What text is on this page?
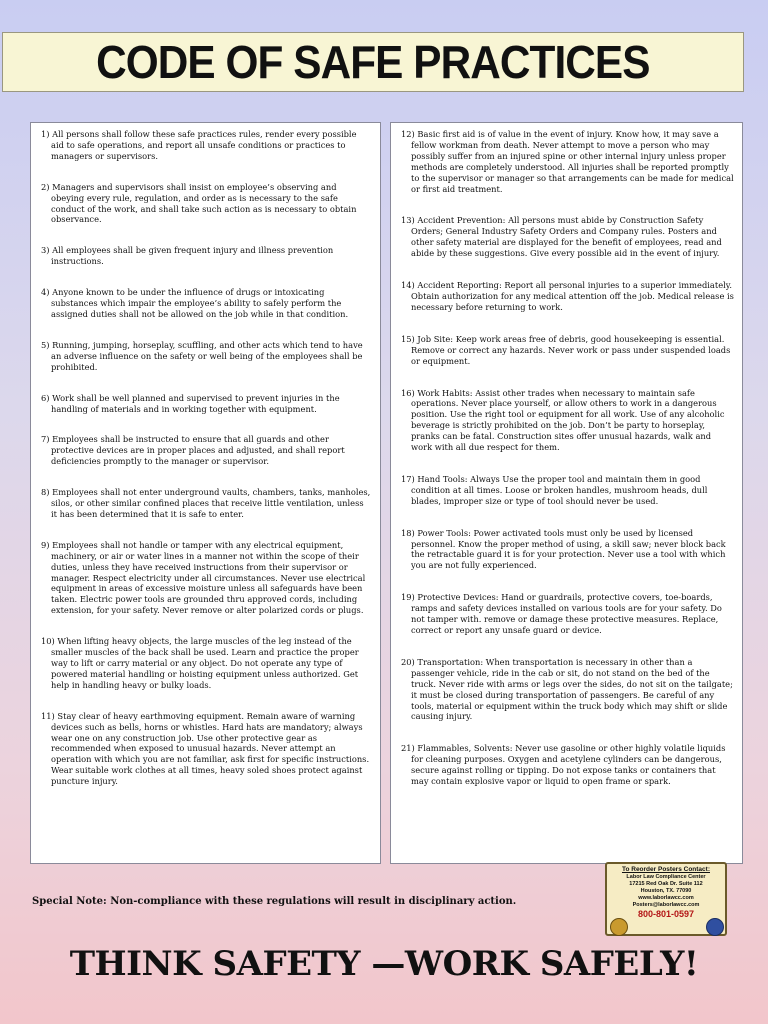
CODE OF SAFE PRACTICES

1) All persons shall follow these safe practices rules, render every possible aid to safe operations, and report all unsafe conditions or practices to managers or supervisors.

2) Managers and supervisors shall insist on employee’s observing and obeying every rule, regulation, and order as is necessary to the safe conduct of the work, and shall take such action as is necessary to obtain observance.

3) All employees shall be given frequent injury and illness prevention instructions.

4) Anyone known to be under the influence of drugs or intoxicating substances which impair the employee’s ability to safely perform the assigned duties shall not be allowed on the job while in that condition.

5) Running, jumping, horseplay, scuffling, and other acts which tend to have an adverse influence on the safety or well being of the employees shall be prohibited.

6) Work shall be well planned and supervised to prevent injuries in the handling of materials and in working together with equipment.

7) Employees shall be instructed to ensure that all guards and other protective devices are in proper places and adjusted, and shall report deficiencies promptly to the manager or supervisor.

8) Employees shall not enter underground vaults, chambers, tanks, manholes, silos, or other similar confined places that receive little ventilation, unless it has been determined that it is safe to enter.

9) Employees shall not handle or tamper with any electrical equipment, machinery, or air or water lines in a manner not within the scope of their duties, unless they have received instructions from their supervisor or manager. Respect electricity under all circumstances. Never use electrical equipment in areas of excessive moisture unless all safeguards have been taken. Electric power tools are grounded thru approved cords, including extension, for your safety. Never remove or alter polarized cords or plugs.

10) When lifting heavy objects, the large muscles of the leg instead of the smaller muscles of the back shall be used. Learn and practice the proper way to lift or carry material or any object. Do not operate any type of powered material handling or hoisting equipment unless authorized. Get help in handling heavy or bulky loads.

11) Stay clear of heavy earthmoving equipment. Remain aware of warning devices such as bells, horns or whistles. Hard hats are mandatory; always wear one on any construction job. Use other protective gear as recommended when exposed to unusual hazards. Never attempt an operation with which you are not familiar, ask first for specific instructions. Wear suitable work clothes at all times, heavy soled shoes protect against puncture injury.

12) Basic first aid is of value in the event of injury. Know how, it may save a fellow workman from death. Never attempt to move a person who may possibly suffer from an injured spine or other internal injury unless proper methods are completely understood. All injuries shall be reported promptly to the supervisor or manager so that arrangements can be made for medical or first aid treatment.

13) Accident Prevention: All persons must abide by Construction Safety Orders; General Industry Safety Orders and Company rules. Posters and other safety material are displayed for the benefit of employees, read and abide by these suggestions. Give every possible aid in the event of injury.

14) Accident Reporting: Report all personal injuries to a superior immediately. Obtain authorization for any medical attention off the job. Medical release is necessary before returning to work.

15) Job Site: Keep work areas free of debris, good housekeeping is essential. Remove or correct any hazards. Never work or pass under suspended loads or equipment.

16) Work Habits: Assist other trades when necessary to maintain safe operations. Never place yourself, or allow others to work in a dangerous position. Use the right tool or equipment for all work. Use of any alcoholic beverage is strictly prohibited on the job. Don’t be party to horseplay, pranks can be fatal. Construction sites offer unusual hazards, walk and work with all due respect for them.

17) Hand Tools: Always Use the proper tool and maintain them in good condition at all times. Loose or broken handles, mushroom heads, dull blades, improper size or type of tool should never be used.

18) Power Tools: Power activated tools must only be used by licensed personnel. Know the proper method of using, a skill saw; never block back the retractable guard it is for your protection. Never use a tool with which you are not fully experienced.

19) Protective Devices: Hand or guardrails, protective covers, toe-boards, ramps and safety devices installed on various tools are for your safety. Do not tamper with. remove or damage these protective measures. Replace, correct or report any unsafe guard or device.

20) Transportation: When transportation is necessary in other than a passenger vehicle, ride in the cab or sit, do not stand on the bed of the truck. Never ride with arms or legs over the sides, do not sit on the tailgate; it must be closed during transportation of passengers. Be careful of any tools, material or equipment within the truck body which may shift or slide causing injury.

21) Flammables, Solvents: Never use gasoline or other highly volatile liquids for cleaning purposes. Oxygen and acetylene cylinders can be dangerous, secure against rolling or tipping. Do not expose tanks or containers that may contain explosive vapor or liquid to open frame or spark.

Special Note: Non-compliance with these regulations will result in disciplinary action.
To Reorder Posters Contact:
Labor Law Compliance Center
17215 Red Oak Dr. Suite 112
Houston, TX. 77090
www.laborlawcc.com
Posters@laborlawcc.com
800-801-0597
THINK SAFETY —WORK SAFELY!
